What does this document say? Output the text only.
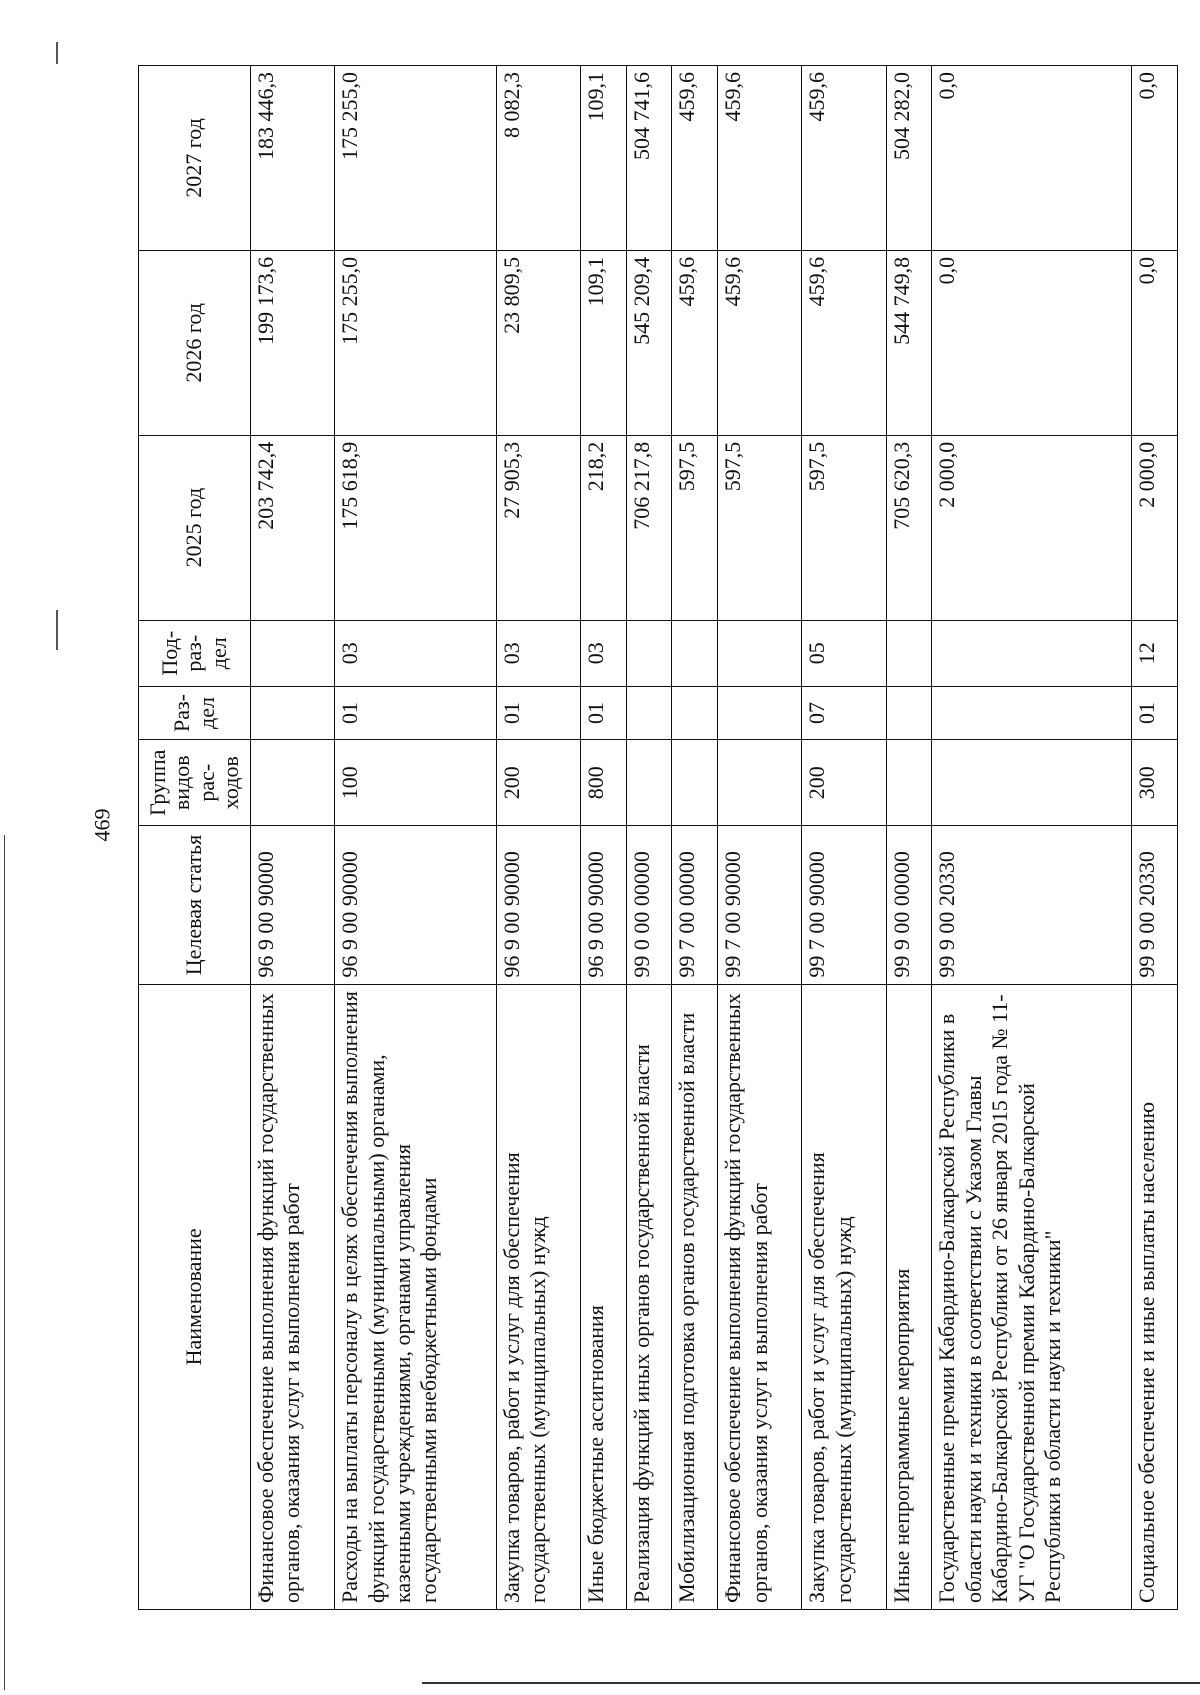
469
Наименование	Целевая статья	Группа видов рас-ходов	Раз-дел	Под-раз-дел	2025 год	2026 год	2027 год
Финансовое обеспечение выполнения функций государственных органов, оказания услуг и выполнения работ	96 9 00 90000				203 742,4	199 173,6	183 446,3
Расходы на выплаты персоналу в целях обеспечения выполнения функций государственными (муниципальными) органами, казенными учреждениями, органами управления государственными внебюджетными фондами	96 9 00 90000	100	01	03	175 618,9	175 255,0	175 255,0
Закупка товаров, работ и услуг для обеспечения государственных (муниципальных) нужд	96 9 00 90000	200	01	03	27 905,3	23 809,5	8 082,3
Иные бюджетные ассигнования	96 9 00 90000	800	01	03	218,2	109,1	109,1
Реализация функций иных органов государственной власти	99 0 00 00000				706 217,8	545 209,4	504 741,6
Мобилизационная подготовка органов государственной власти	99 7 00 00000				597,5	459,6	459,6
Финансовое обеспечение выполнения функций государственных органов, оказания услуг и выполнения работ	99 7 00 90000				597,5	459,6	459,6
Закупка товаров, работ и услуг для обеспечения государственных (муниципальных) нужд	99 7 00 90000	200	07	05	597,5	459,6	459,6
Иные непрограммные мероприятия	99 9 00 00000				705 620,3	544 749,8	504 282,0
Государственные премии Кабардино-Балкарской Республики в области науки и техники в соответствии с Указом Главы Кабардино-Балкарской Республики от 26 января 2015 года № 11-УГ "О Государственной премии Кабардино-Балкарской Республики в области науки и техники"	99 9 00 20330				2 000,0	0,0	0,0
Социальное обеспечение и иные выплаты населению	99 9 00 20330	300	01	12	2 000,0	0,0	0,0
